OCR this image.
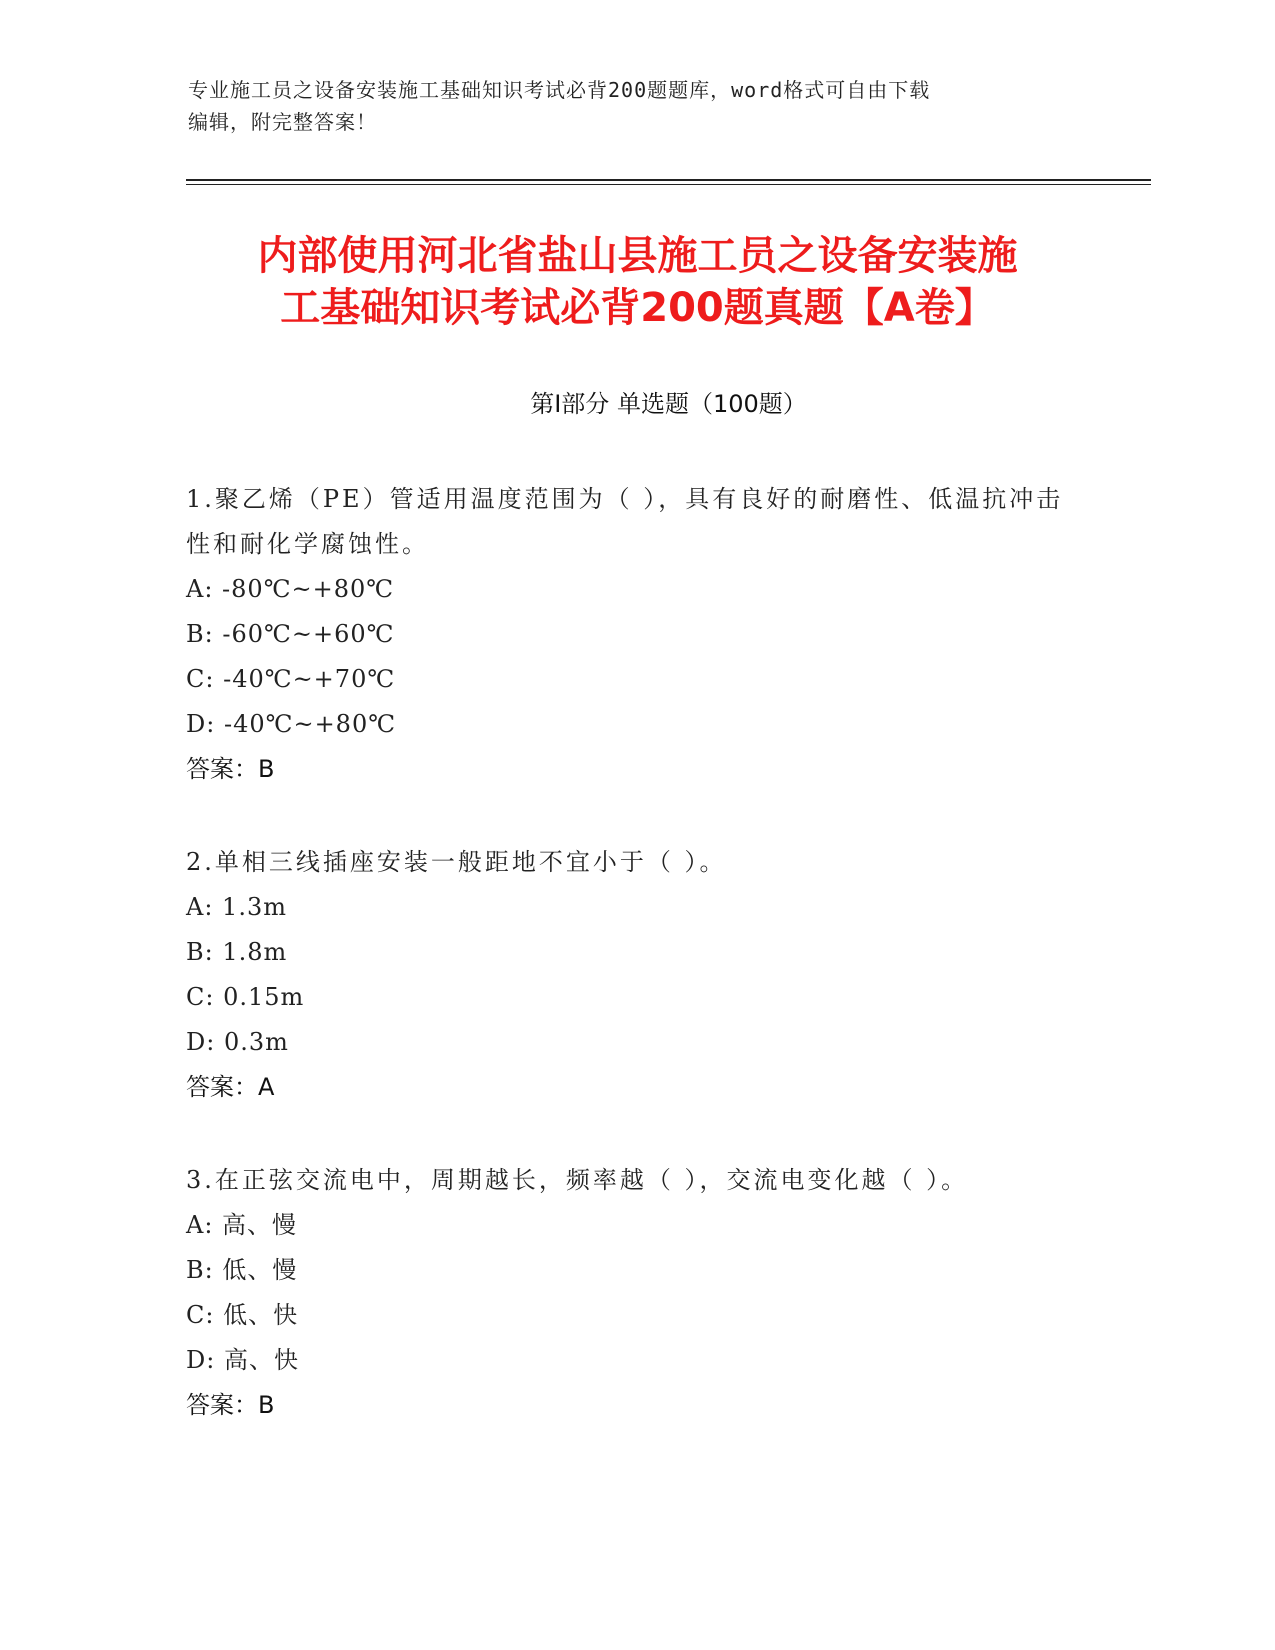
专业施工员之设备安装施工基础知识考试必背200题题库，word格式可自由下载
编辑，附完整答案！
内部使用河北省盐山县施工员之设备安装施
工基础知识考试必背200题真题【A卷】
第Ⅰ部分 单选题（100题）
1.聚乙烯（PE）管适用温度范围为（ ），具有良好的耐磨性、低温抗冲击性和耐化学腐蚀性。
A: -80℃~+80℃
B: -60℃~+60℃
C: -40℃~+70℃
D: -40℃~+80℃
答案：B
2.单相三线插座安装一般距地不宜小于（ ）。
A: 1.3m
B: 1.8m
C: 0.15m
D: 0.3m
答案：A
3.在正弦交流电中，周期越长，频率越（ ），交流电变化越（ ）。
A: 高、慢
B: 低、慢
C: 低、快
D: 高、快
答案：B
